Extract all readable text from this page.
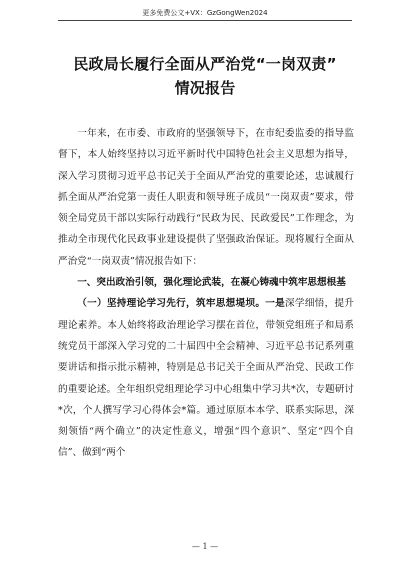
更多免费公文+VX：GzGongWen2024
民政局长履行全面从严治党“一岗双责”
情况报告

一年来，在市委、市政府的坚强领导下，在市纪委监委的指导监督下，本人始终坚持以习近平新时代中国特色社会主义思想为指导，深入学习贯彻习近平总书记关于全面从严治党的重要论述，忠诚履行抓全面从严治党第一责任人职责和领导班子成员“一岗双责”要求，带领全局党员干部以实际行动践行“民政为民、民政爱民”工作理念，为推动全市现代化民政事业建设提供了坚强政治保证。现将履行全面从严治党“一岗双责”情况报告如下：

一、突出政治引领，强化理论武装，在凝心铸魂中筑牢思想根基

（一）坚持理论学习先行，筑牢思想堤坝。一是深学细悟，提升理论素养。本人始终将政治理论学习摆在首位，带领党组班子和局系统党员干部深入学习党的二十届四中全会精神、习近平总书记系列重要讲话和指示批示精神，特别是总书记关于全面从严治党、民政工作的重要论述。全年组织党组理论学习中心组集中学习共*次，专题研讨*次，个人撰写学习心得体会*篇。通过原原本本学、联系实际思，深刻领悟“两个确立”的决定性意义，增强“四个意识”、坚定“四个自信”、做到“两个

— 1 —
